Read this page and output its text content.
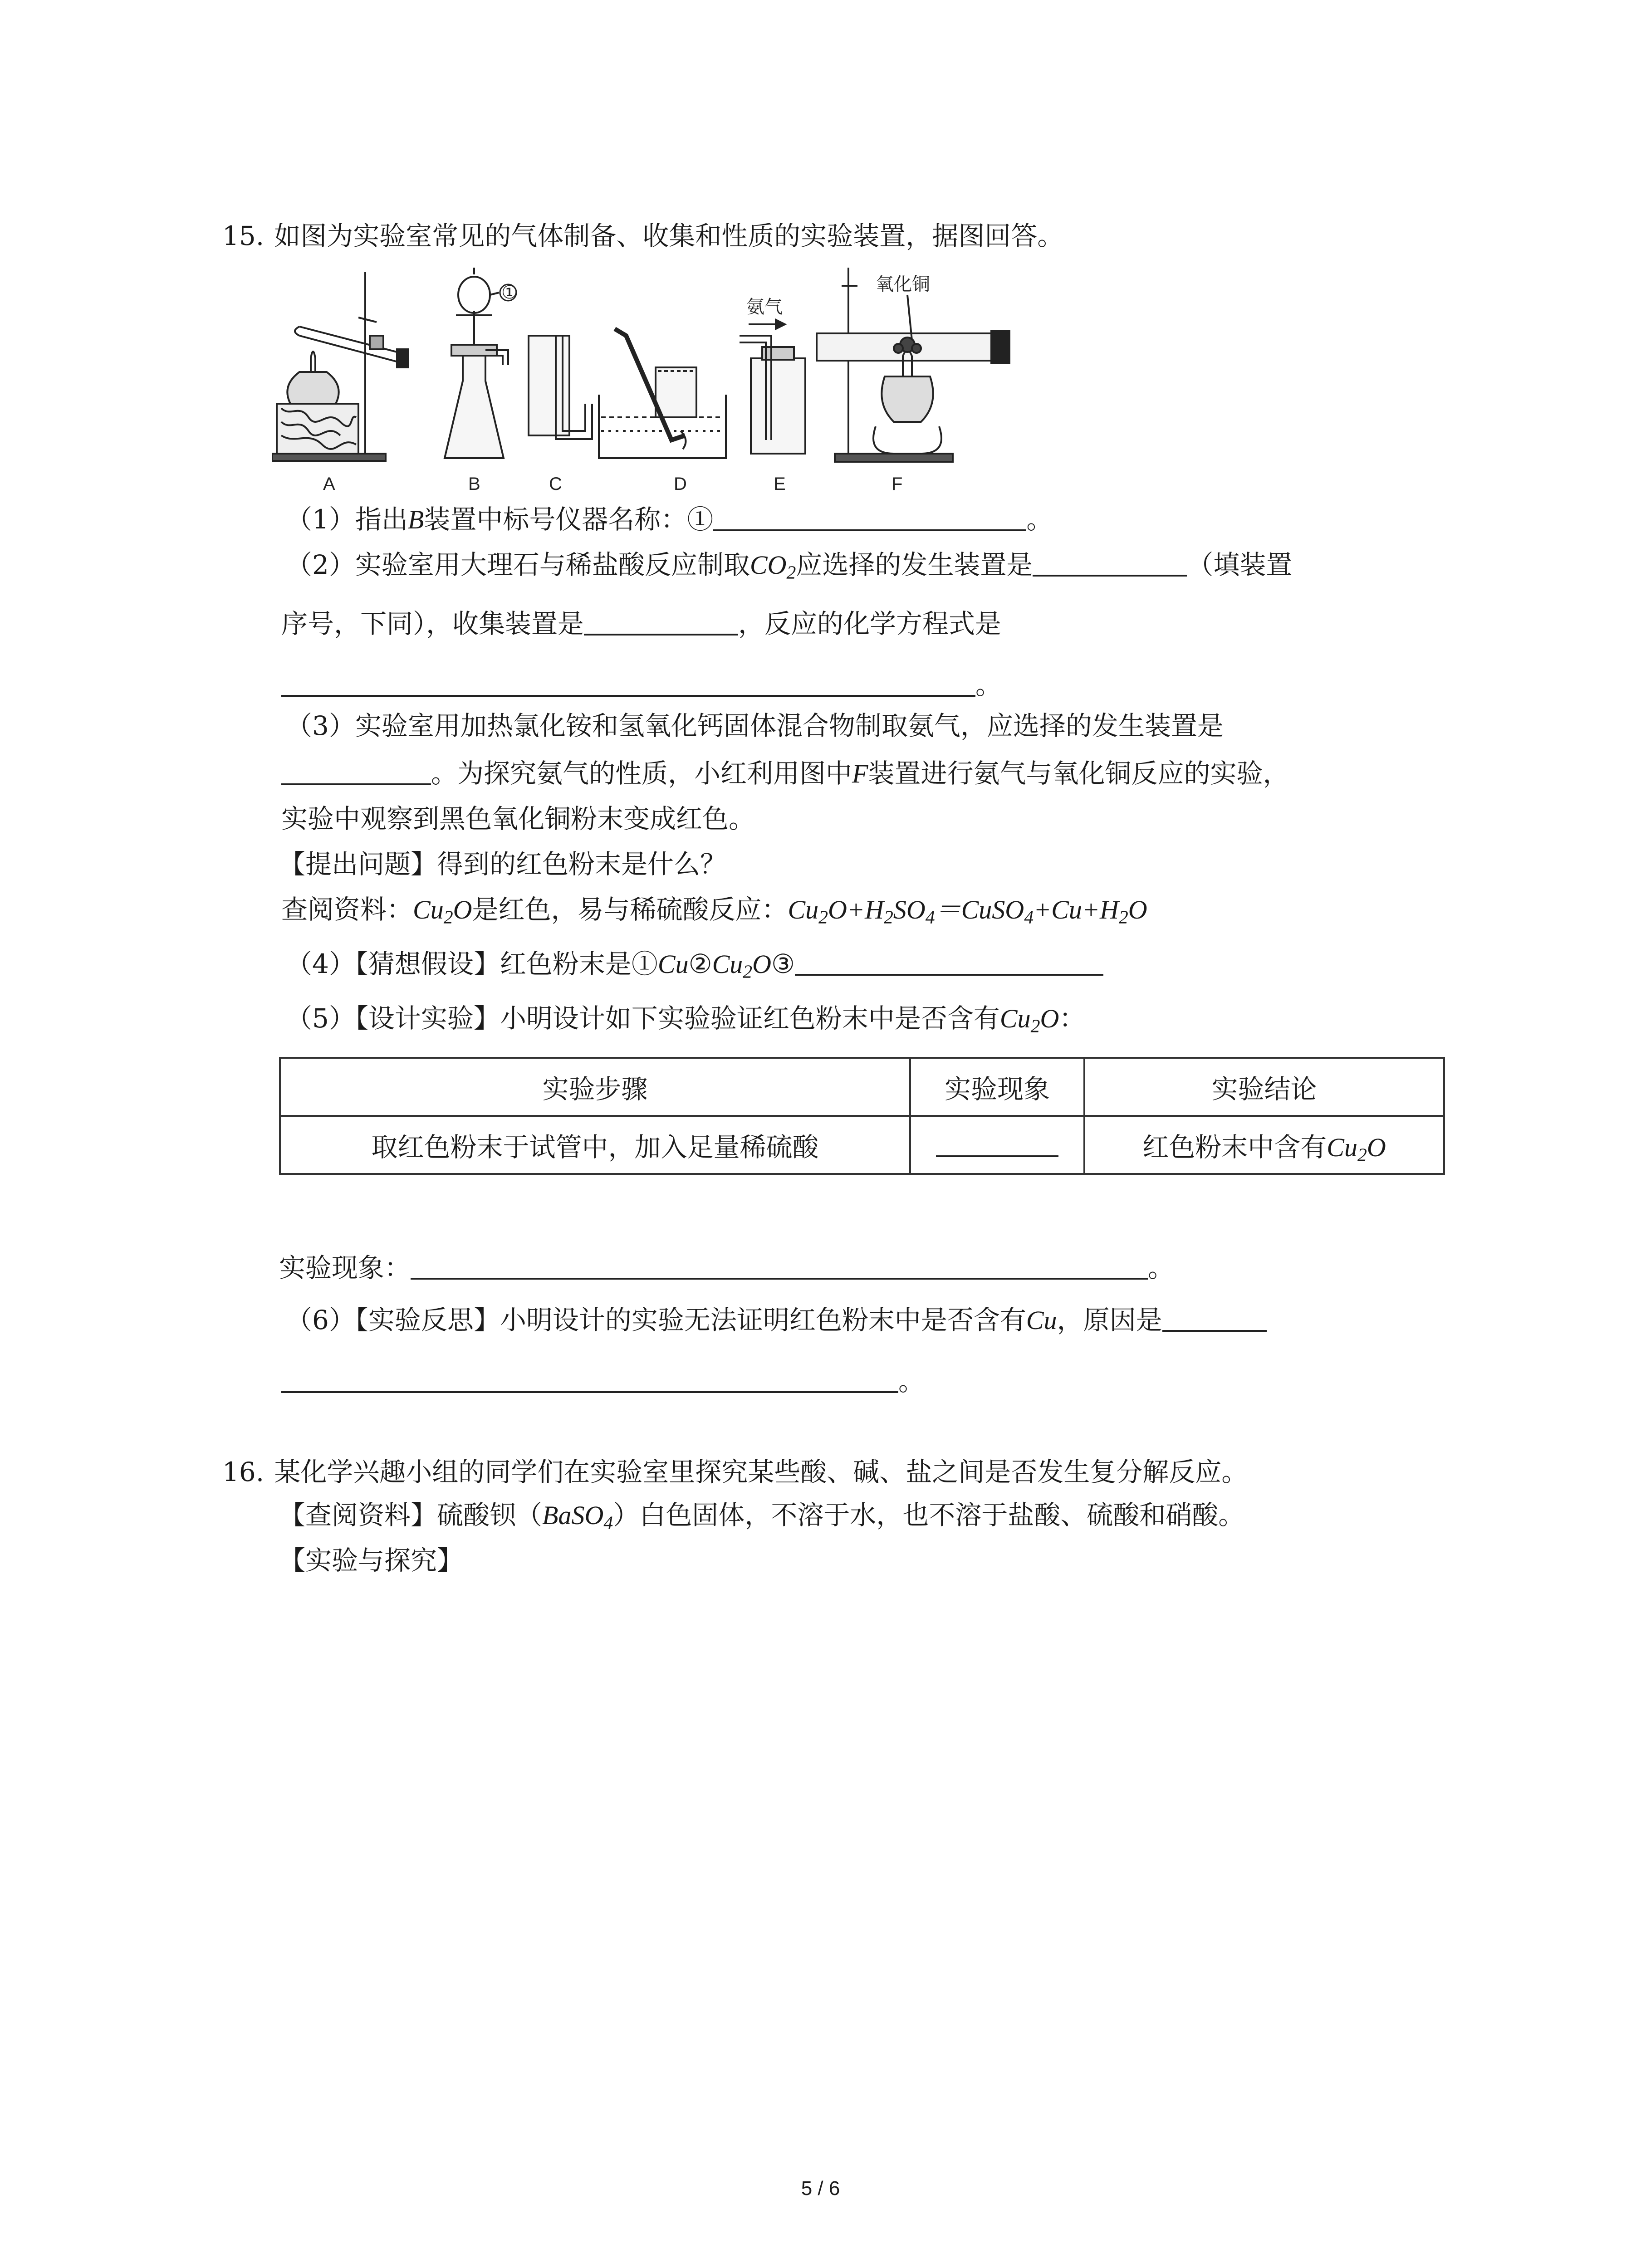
15. 如图为实验室常见的气体制备、收集和性质的实验装置，据图回答。
氨气
氧化铜
A	B	C	D	E	F
①
（1）指出B装置中标号仪器名称：①	。
（2）实验室用大理石与稀盐酸反应制取$CO_2$应选择的发生装置是	（填装置
序号，下同），收集装置是	，反应的化学方程式是
。
（3）实验室用加热氯化铵和氢氧化钙固体混合物制取氨气，应选择的发生装置是
。为探究氨气的性质，小红利用图中F装置进行氨气与氧化铜反应的实验，
实验中观察到黑色氧化铜粉末变成红色。
【提出问题】得到的红色粉末是什么？
查阅资料：$Cu_2O$是红色，易与稀硫酸反应：$Cu_2O+H_2SO_4=CuSO_4+Cu+H_2O$
（4）【猜想假设】红色粉末是$①Cu②Cu_2O③$
（5）【设计实验】小明设计如下实验验证红色粉末中是否含有$Cu_2O$：
实验步骤	实验现象	实验结论
取红色粉末于试管中，加入足量稀硫酸		红色粉末中含有$Cu_2O$
实验现象：	。
（6）【实验反思】小明设计的实验无法证明红色粉末中是否含有Cu，原因是
。
16. 某化学兴趣小组的同学们在实验室里探究某些酸、碱、盐之间是否发生复分解反应。
【查阅资料】硫酸钡（BaSO$_4$）白色固体，不溶于水，也不溶于盐酸、硫酸和硝酸。
【实验与探究】
5 / 6
